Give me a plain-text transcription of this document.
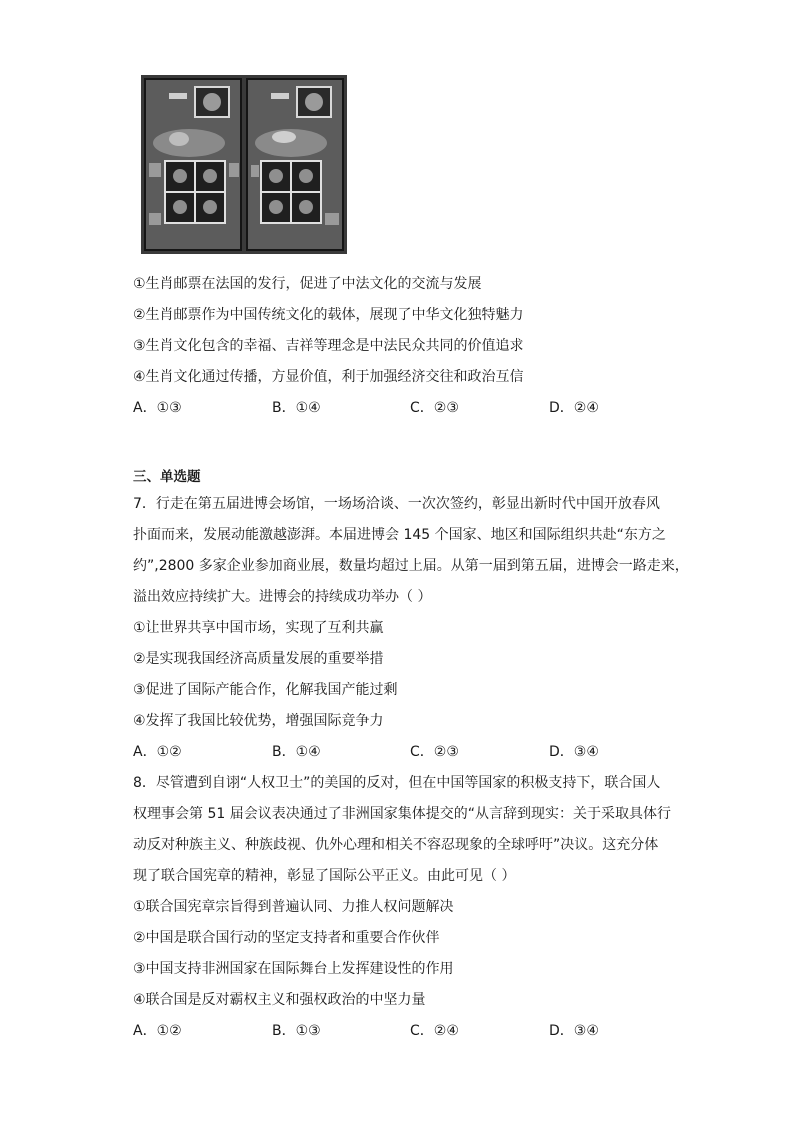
①生肖邮票在法国的发行，促进了中法文化的交流与发展
②生肖邮票作为中国传统文化的载体，展现了中华文化独特魅力
③生肖文化包含的幸福、吉祥等理念是中法民众共同的价值追求
④生肖文化通过传播，方显价值，利于加强经济交往和政治互信
A．①③	B．①④	C．②③	D．②④
三、单选题
7．行走在第五届进博会场馆，一场场洽谈、一次次签约，彰显出新时代中国开放春风
扑面而来，发展动能激越澎湃。本届进博会 145 个国家、地区和国际组织共赴“东方之
约”,2800 多家企业参加商业展，数量均超过上届。从第一届到第五届，进博会一路走来，
溢出效应持续扩大。进博会的持续成功举办（ ）
①让世界共享中国市场，实现了互利共赢
②是实现我国经济高质量发展的重要举措
③促进了国际产能合作，化解我国产能过剩
④发挥了我国比较优势，增强国际竞争力
A．①②	B．①④	C．②③	D．③④
8．尽管遭到自诩“人权卫士”的美国的反对，但在中国等国家的积极支持下，联合国人
权理事会第 51 届会议表决通过了非洲国家集体提交的“从言辞到现实：关于采取具体行
动反对种族主义、种族歧视、仇外心理和相关不容忍现象的全球呼吁”决议。这充分体
现了联合国宪章的精神，彰显了国际公平正义。由此可见（ ）
①联合国宪章宗旨得到普遍认同、力推人权问题解决
②中国是联合国行动的坚定支持者和重要合作伙伴
③中国支持非洲国家在国际舞台上发挥建设性的作用
④联合国是反对霸权主义和强权政治的中坚力量
A．①②	B．①③	C．②④	D．③④
